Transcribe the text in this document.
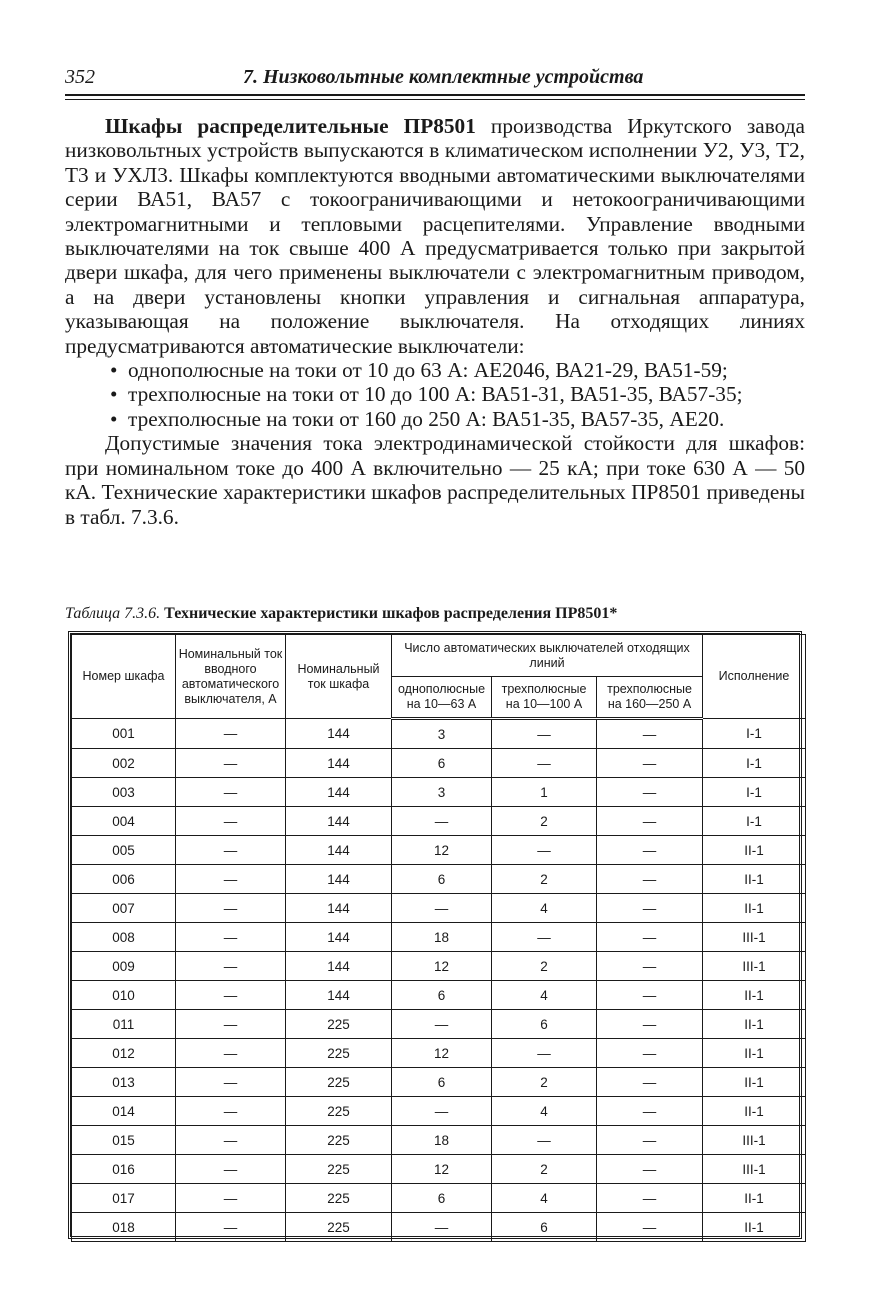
352	7. Низковольтные комплектные устройства

Шкафы распределительные ПР8501 производства Иркутского завода низковольтных устройств выпускаются в климатическом исполнении У2, У3, Т2, Т3 и УХЛ3. Шкафы комплектуются вводными автоматическими выключателями серии ВА51, ВА57 с токоограничивающими и нетокоограничивающими электромагнитными и тепловыми расцепителями. Управление вводными выключателями на ток свыше 400 А предусматривается только при закрытой двери шкафа, для чего применены выключатели с электромагнитным приводом, а на двери установлены кнопки управления и сигнальная аппаратура, указывающая на положение выключателя. На отходящих линиях предусматриваются автоматические выключатели:

• однополюсные на токи от 10 до 63 А: АЕ2046, ВА21-29, ВА51-59;
• трехполюсные на токи от 10 до 100 А: ВА51-31, ВА51-35, ВА57-35;
• трехполюсные на токи от 160 до 250 А: ВА51-35, ВА57-35, АЕ20.

Допустимые значения тока электродинамической стойкости для шкафов: при номинальном токе до 400 А включительно — 25 кА; при токе 630 А — 50 кА. Технические характеристики шкафов распределительных ПР8501 приведены в табл. 7.3.6.

Таблица 7.3.6. Технические характеристики шкафов распределения ПР8501*
Номер шкафа	Номинальный ток вводного автоматического выключателя, А	Номинальный ток шкафа	Число автоматических выключателей отходящих линий			Исполнение
			однополюсные на 10—63 А	трехполюсные на 10—100 А	трехполюсные на 160—250 А	
001	—	144	3	—	—	I-1
002	—	144	6	—	—	I-1
003	—	144	3	1	—	I-1
004	—	144	—	2	—	I-1
005	—	144	12	—	—	II-1
006	—	144	6	2	—	II-1
007	—	144	—	4	—	II-1
008	—	144	18	—	—	III-1
009	—	144	12	2	—	III-1
010	—	144	6	4	—	II-1
011	—	225	—	6	—	II-1
012	—	225	12	—	—	II-1
013	—	225	6	2	—	II-1
014	—	225	—	4	—	II-1
015	—	225	18	—	—	III-1
016	—	225	12	2	—	III-1
017	—	225	6	4	—	II-1
018	—	225	—	6	—	II-1
